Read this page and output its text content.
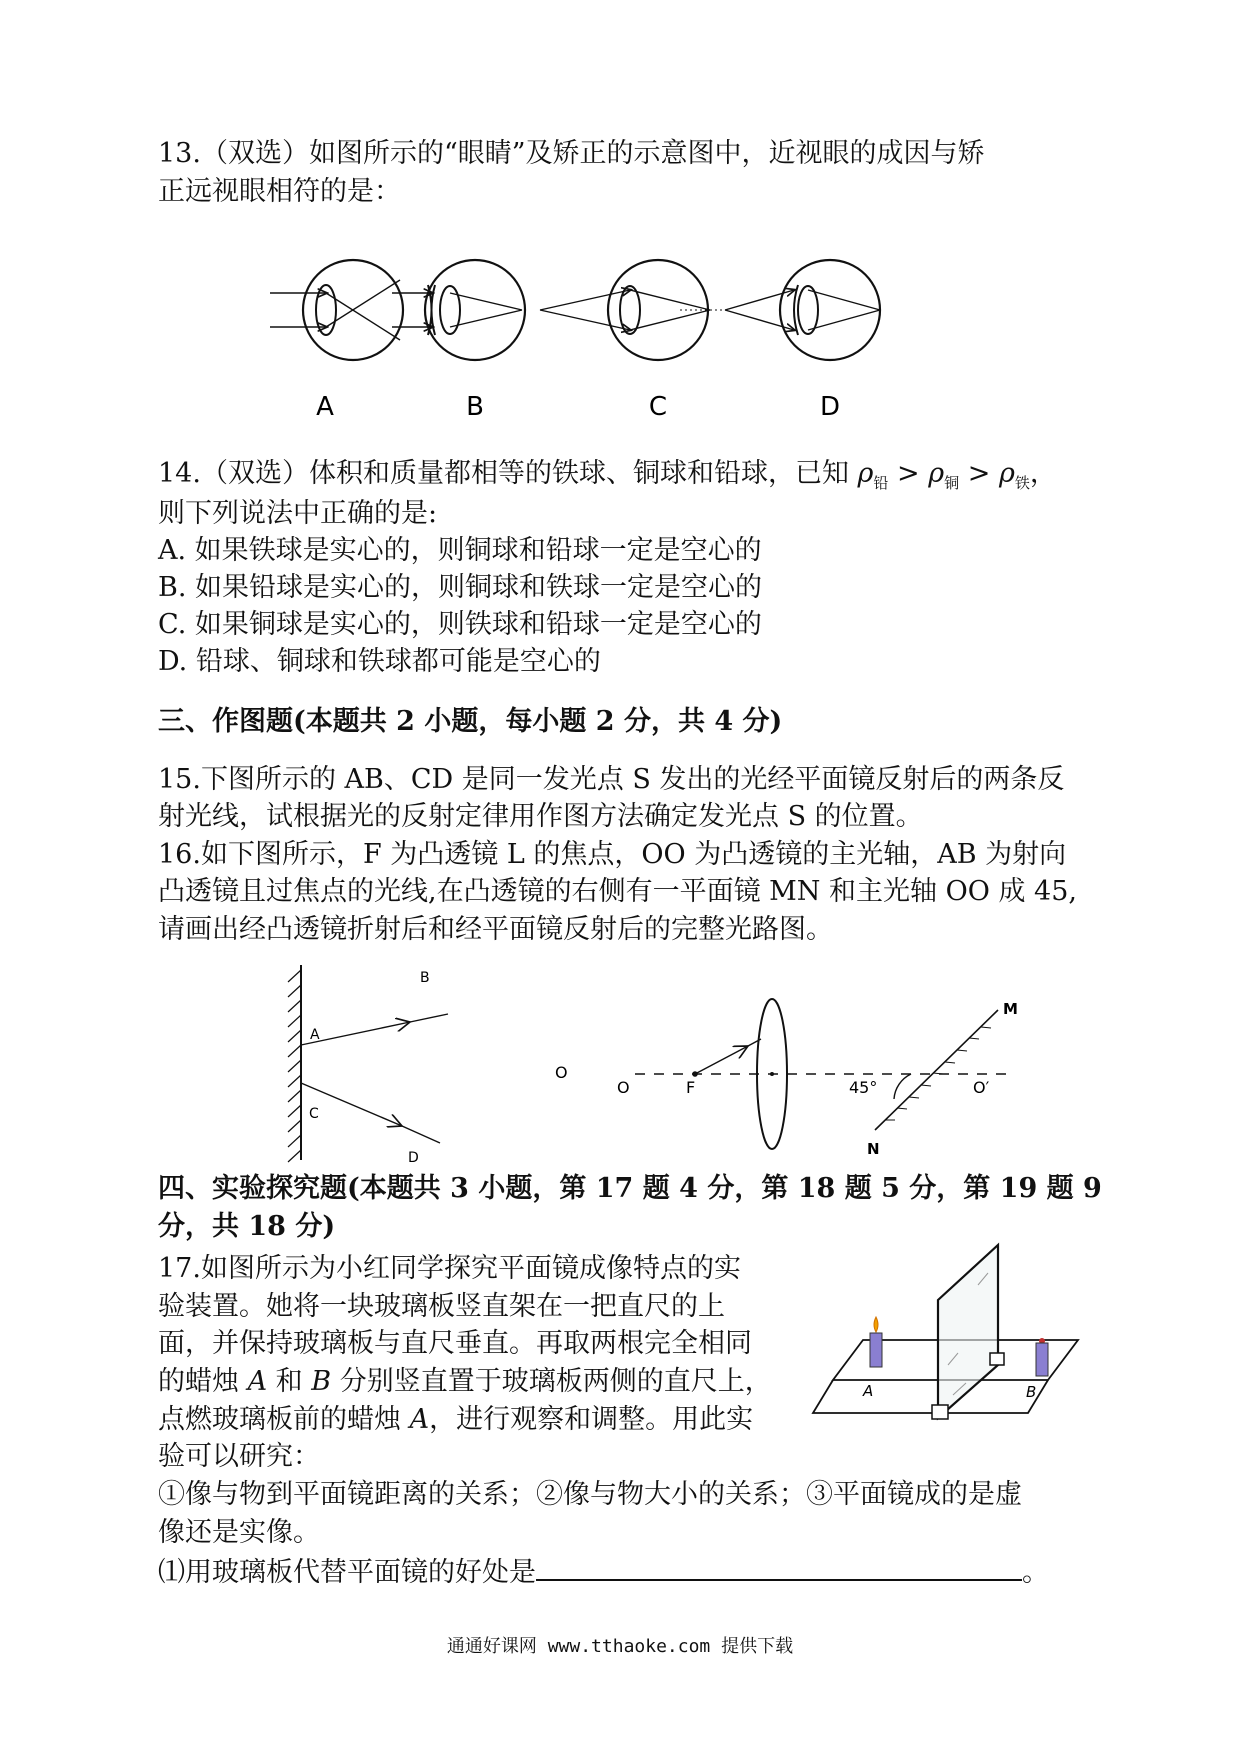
13.（双选）如图所示的“眼睛”及矫正的示意图中，近视眼的成因与矫
正远视眼相符的是：
A	B	C	D
14.（双选）体积和质量都相等的铁球、铜球和铅球，已知 $\rho_铅 > \rho_铜 > \rho_铁$，
则下列说法中正确的是:
A. 如果铁球是实心的，则铜球和铅球一定是空心的
B. 如果铅球是实心的，则铜球和铁球一定是空心的
C. 如果铜球是实心的，则铁球和铅球一定是空心的
D. 铅球、铜球和铁球都可能是空心的
三、作图题(本题共 2 小题，每小题 2 分，共 4 分)
15.下图所示的 AB、CD 是同一发光点 S 发出的光经平面镜反射后的两条反
射光线，试根据光的反射定律用作图方法确定发光点 S 的位置。
16.如下图所示，F 为凸透镜 L 的焦点，OO 为凸透镜的主光轴，AB 为射向
凸透镜且过焦点的光线,在凸透镜的右侧有一平面镜 MN 和主光轴 OO 成 45,
请画出经凸透镜折射后和经平面镜反射后的完整光路图。
A
B
C
D
O
O	F	45°	O′
M
N
四、实验探究题(本题共 3 小题，第 17 题 4 分，第 18 题 5 分，第 19 题 9
分，共 18 分)
17.如图所示为小红同学探究平面镜成像特点的实
验装置。她将一块玻璃板竖直架在一把直尺的上
面，并保持玻璃板与直尺垂直。再取两根完全相同
的蜡烛 A 和 B 分别竖直置于玻璃板两侧的直尺上，
点燃玻璃板前的蜡烛 A，进行观察和调整。用此实
验可以研究：
①像与物到平面镜距离的关系；②像与物大小的关系；③平面镜成的是虚
像还是实像。
⑴用玻璃板代替平面镜的好处是	。
A	B
通通好课网 www.tthaoke.com 提供下载
